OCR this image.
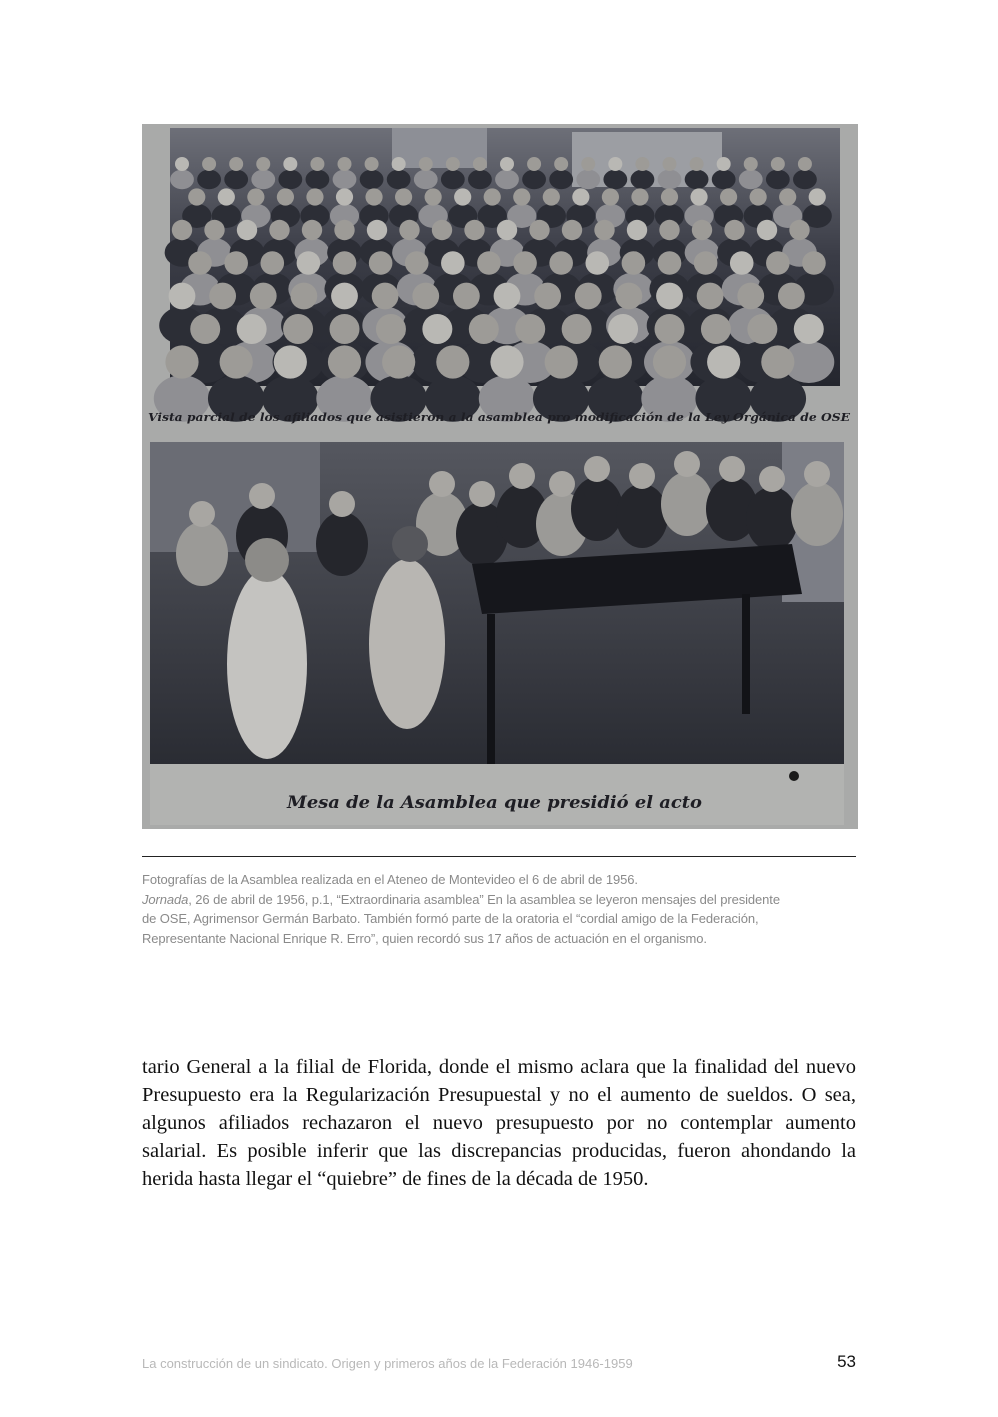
Vista parcial de los afiliados que asistieron a la asamblea pro modificación de la Ley Orgánica de OSE
Mesa de la Asamblea que presidió el acto

Fotografías de la Asamblea realizada en el Ateneo de Montevideo el 6 de abril de 1956.

Jornada, 26 de abril de 1956, p.1, “Extraordinaria asamblea” En la asamblea se leyeron mensajes del presidente

de OSE, Agrimensor Germán Barbato. También formó parte de la oratoria el “cordial amigo de la Federación,

Representante Nacional Enrique R. Erro”, quien recordó sus 17 años de actuación en el organismo.

tario General a la filial de Florida, donde el mismo aclara que la finalidad del nuevo
Presupuesto era la Regularización Presupuestal y no el aumento de sueldos. O sea,
algunos afiliados rechazaron el nuevo presupuesto por no contemplar aumento
salarial. Es posible inferir que las discrepancias producidas, fueron ahondando la
herida hasta llegar el “quiebre” de fines de la década de 1950.
La construcción de un sindicato. Origen y primeros años de la Federación 1946-1959	53
